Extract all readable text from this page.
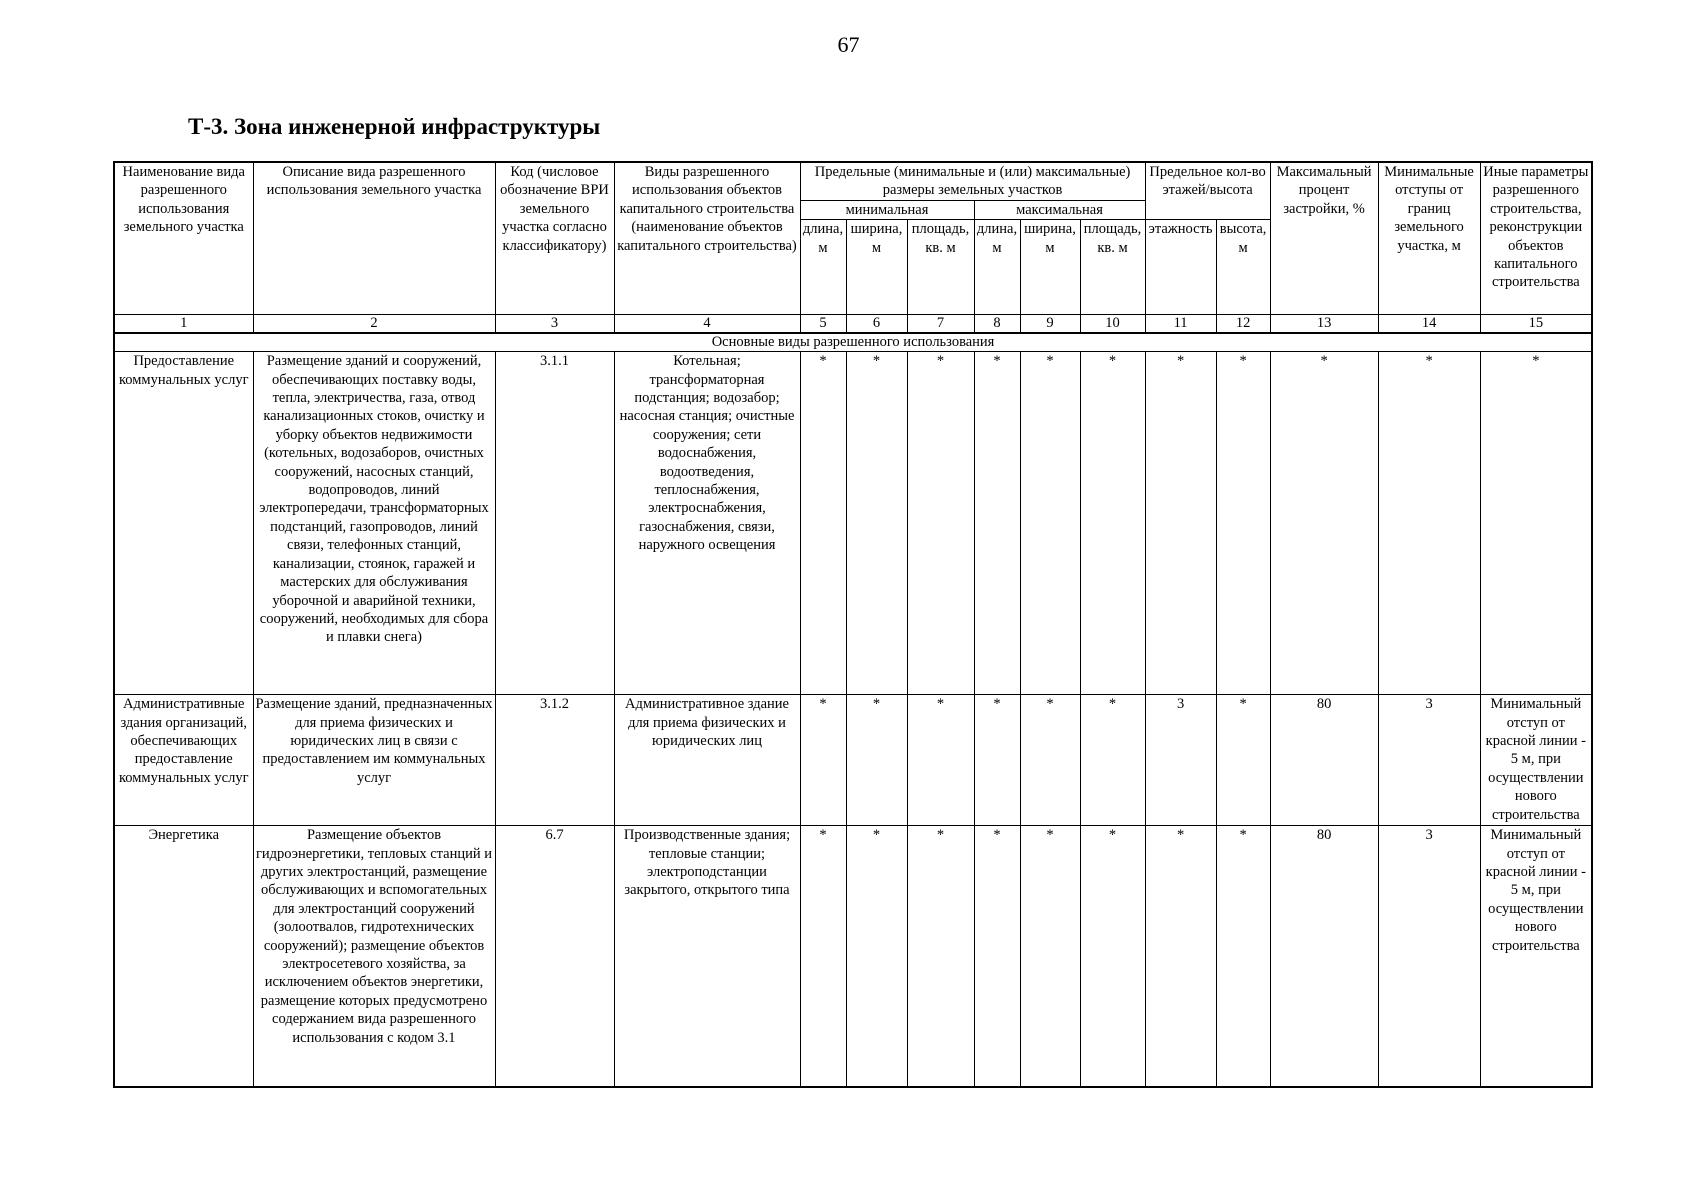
67
Т-3. Зона инженерной инфраструктуры
Наименование вида разрешенного использования земельного участка	Описание вида разрешенного использования земельного участка	Код (числовое обозначение ВРИ земельного участка согласно классификатору)	Виды разрешенного использования объектов капитального строительства (наименование объектов капитального строительства)	Предельные (минимальные и (или) максимальные) размеры земельных участков						Предельное кол-во этажей/высота		Максимальный процент застройки, %	Минимальные отступы от границ земельного участка, м	Иные параметры разрешенного строительства, реконструкции объектов капитального строительства
				минимальная			максимальная							
				длина, м	ширина, м	площадь, кв. м	длина, м	ширина, м	площадь, кв. м	этажность	высота, м			
1	2	3	4	5	6	7	8	9	10	11	12	13	14	15
Основные виды разрешенного использования														
Предоставление коммунальных услуг	Размещение зданий и сооружений, обеспечивающих поставку воды, тепла, электричества, газа, отвод канализационных стоков, очистку и уборку объектов недвижимости (котельных, водозаборов, очистных сооружений, насосных станций, водопроводов, линий электропередачи, трансформаторных подстанций, газопроводов, линий связи, телефонных станций, канализации, стоянок, гаражей и мастерских для обслуживания уборочной и аварийной техники, сооружений, необходимых для сбора и плавки снега)	3.1.1	Котельная; трансформаторная подстанция; водозабор; насосная станция; очистные сооружения; сети водоснабжения, водоотведения, теплоснабжения, электроснабжения, газоснабжения, связи, наружного освещения	*	*	*	*	*	*	*	*	*	*	*
Административные здания организаций, обеспечивающих предоставление коммунальных услуг	Размещение зданий, предназначенных для приема физических и юридических лиц в связи с предоставлением им коммунальных услуг	3.1.2	Административное здание для приема физических и юридических лиц	*	*	*	*	*	*	3	*	80	3	Минимальный отступ от красной линии - 5 м, при осуществлении нового строительства
Энергетика	Размещение объектов гидроэнергетики, тепловых станций и других электростанций, размещение обслуживающих и вспомогательных для электростанций сооружений (золоотвалов, гидротехнических сооружений); размещение объектов электросетевого хозяйства, за исключением объектов энергетики, размещение которых предусмотрено содержанием вида разрешенного использования с кодом 3.1	6.7	Производственные здания; тепловые станции; электроподстанции закрытого, открытого типа	*	*	*	*	*	*	*	*	80	3	Минимальный отступ от красной линии - 5 м, при осуществлении нового строительства
